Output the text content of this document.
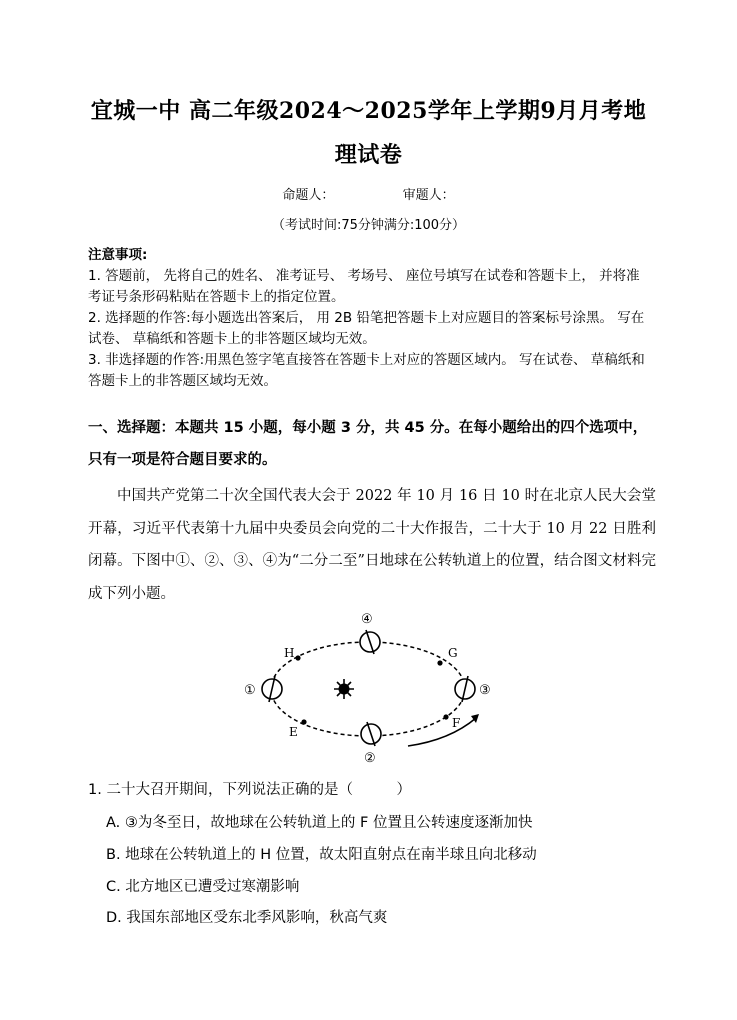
宜城一中 高二年级2024～2025学年上学期9月月考地
理试卷
命题人：	审题人：
（考试时间:75分钟满分:100分）
注意事项:
1. 答题前， 先将自己的姓名、 准考证号、 考场号、 座位号填写在试卷和答题卡上， 并将准考证号条形码粘贴在答题卡上的指定位置。
2. 选择题的作答:每小题选出答案后， 用 2B 铅笔把答题卡上对应题目的答案标号涂黑。 写在试卷、 草稿纸和答题卡上的非答题区域均无效。
3. 非选择题的作答:用黑色签字笔直接答在答题卡上对应的答题区域内。 写在试卷、 草稿纸和答题卡上的非答题区域均无效。
一、选择题：本题共 15 小题，每小题 3 分，共 45 分。在每小题给出的四个选项中，只有一项是符合题目要求的。
中国共产党第二十次全国代表大会于 2022 年 10 月 16 日 10 时在北京人民大会堂开幕，习近平代表第十九届中央委员会向党的二十大作报告，二十大于 10 月 22 日胜利闭幕。下图中①、②、③、④为“二分二至”日地球在公转轨道上的位置，结合图文材料完成下列小题。
①
②
③
④
H	G
E
F
1. 二十大召开期间，下列说法正确的是（　　　）
A. ③为冬至日，故地球在公转轨道上的 F 位置且公转速度逐渐加快
B. 地球在公转轨道上的 H 位置，故太阳直射点在南半球且向北移动
C. 北方地区已遭受过寒潮影响
D. 我国东部地区受东北季风影响，秋高气爽
